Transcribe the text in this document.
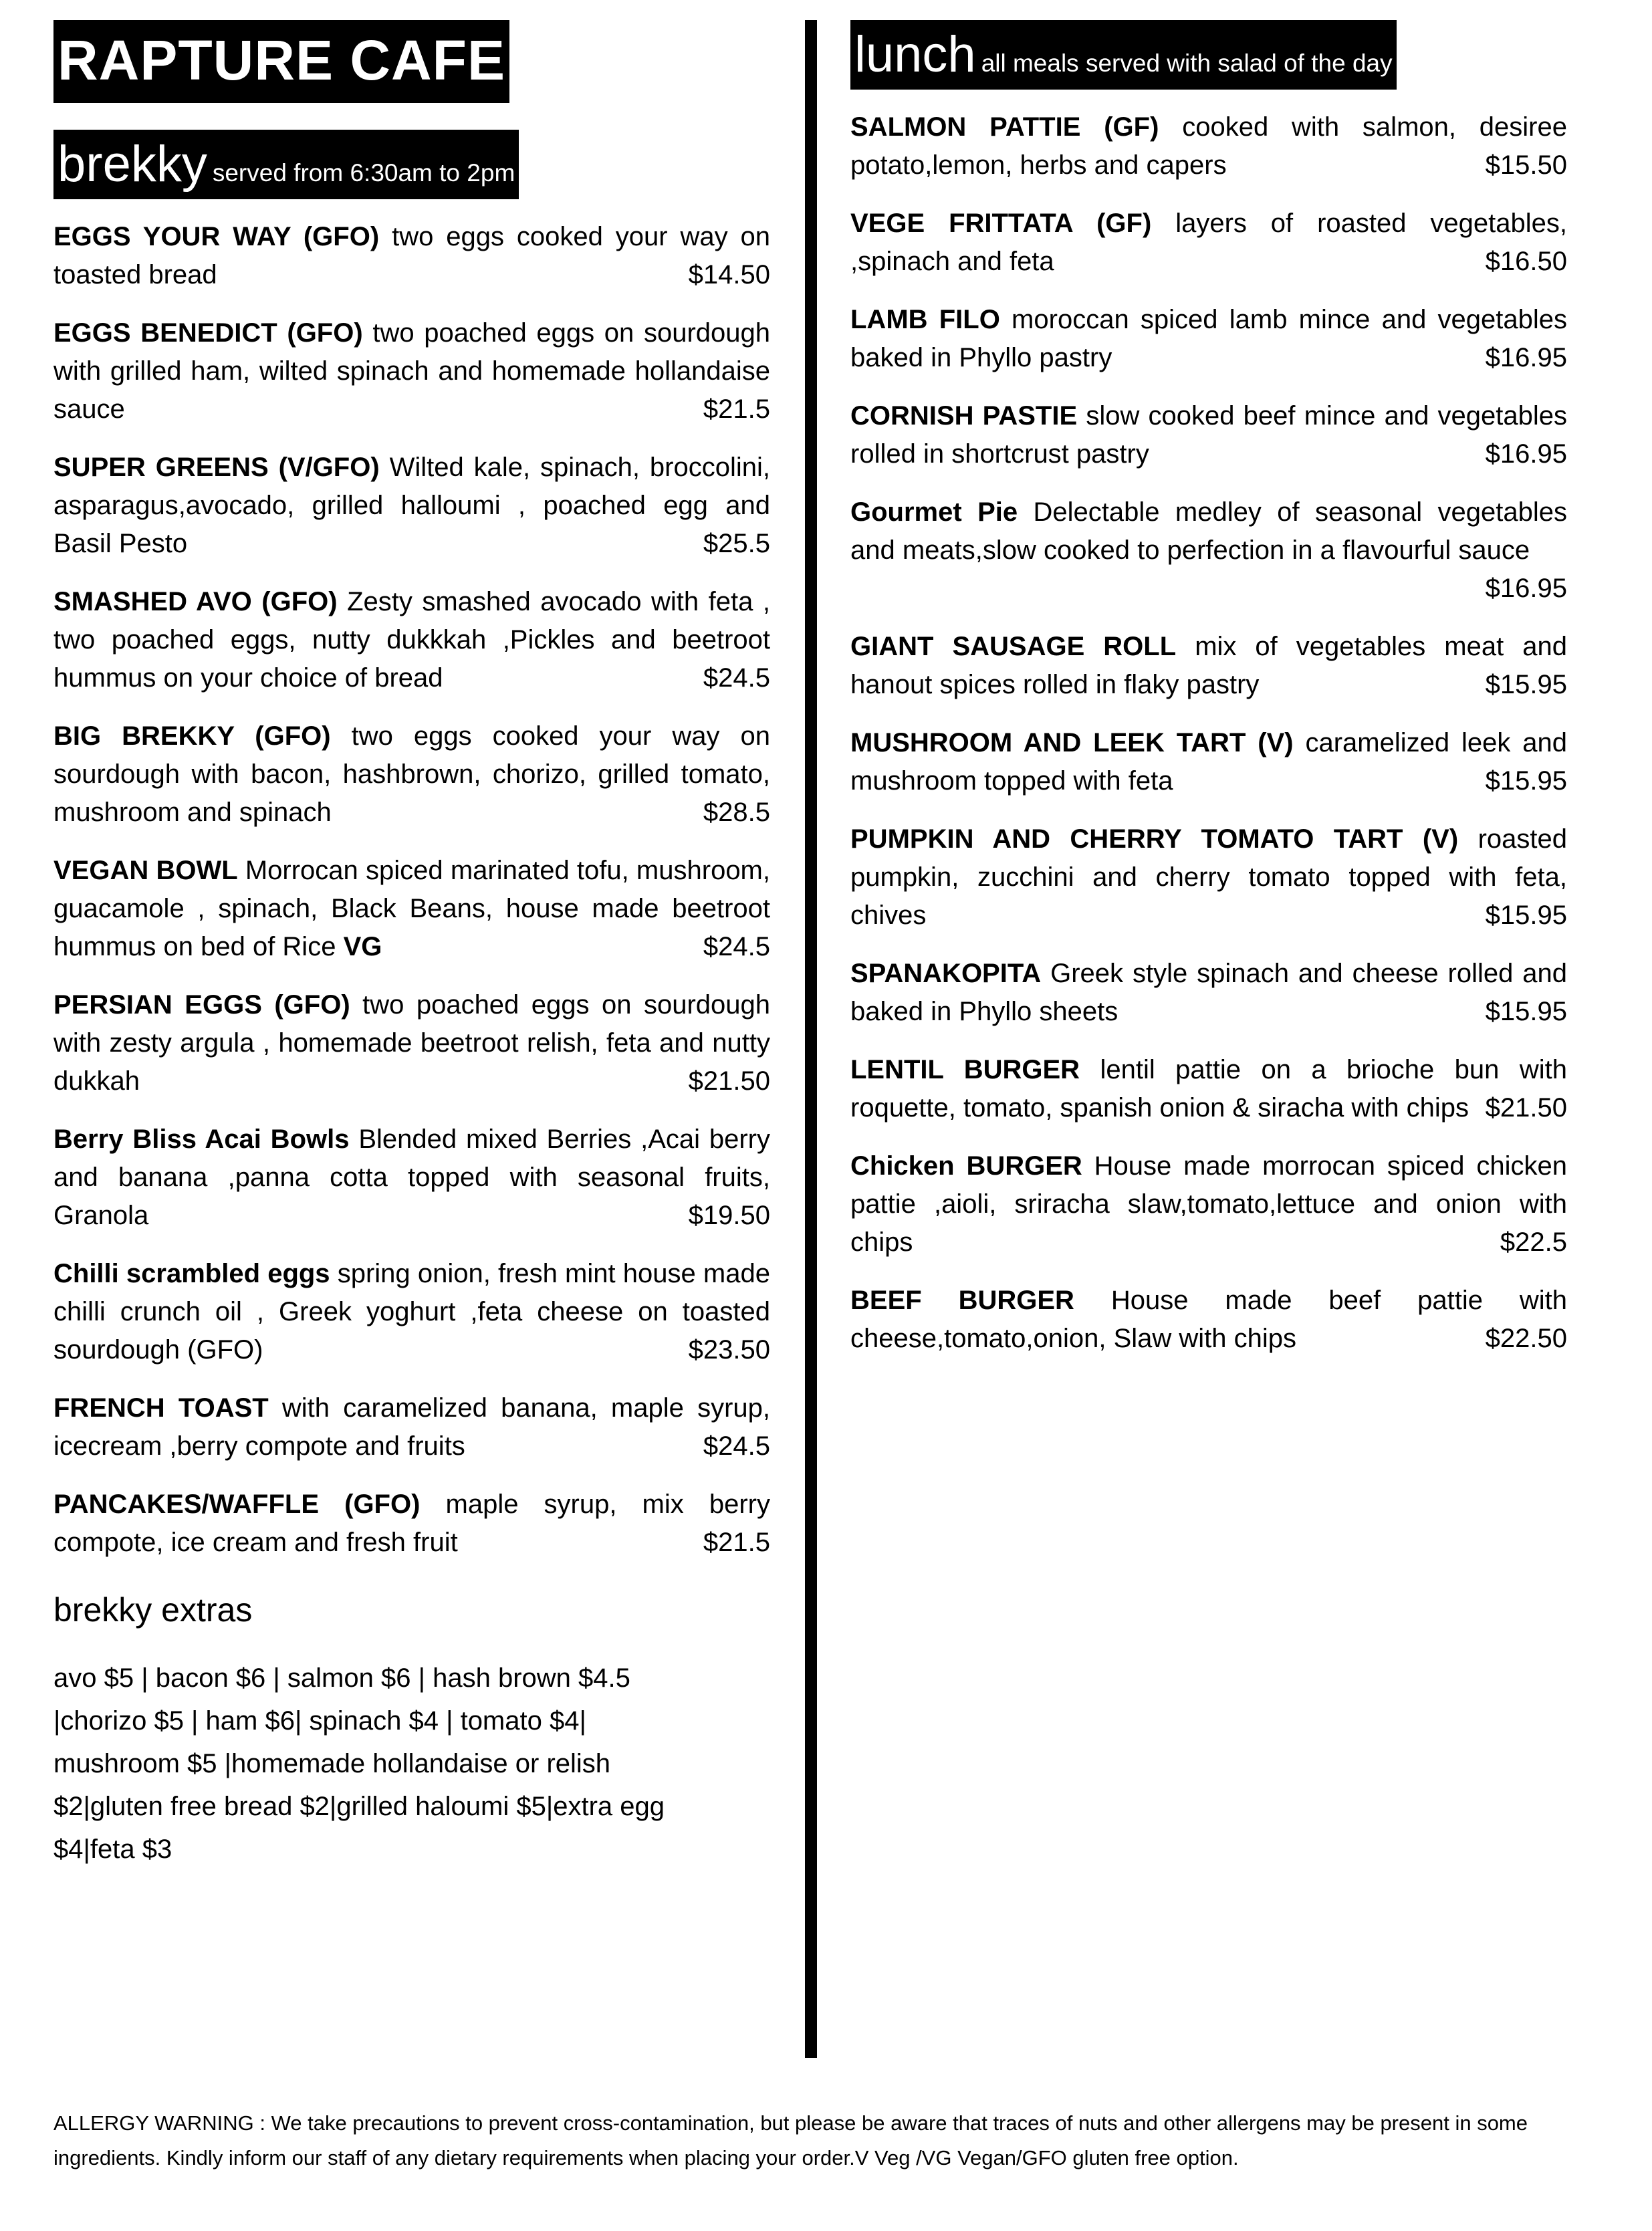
RAPTURE CAFE
brekky served from 6:30am to 2pm
EGGS YOUR WAY (GFO) two eggs cooked your way on toasted bread	$14.50
EGGS BENEDICT (GFO) two poached eggs on sourdough with grilled ham, wilted spinach and homemade hollandaise sauce	$21.5
SUPER GREENS (V/GFO) Wilted kale, spinach, broccolini, asparagus,avocado, grilled halloumi , poached egg and Basil Pesto	$25.5
SMASHED AVO (GFO) Zesty smashed avocado with feta , two poached eggs, nutty dukkkah ,Pickles and beetroot hummus on your choice of bread	$24.5
BIG BREKKY (GFO) two eggs cooked your way on sourdough with bacon, hashbrown, chorizo, grilled tomato, mushroom and spinach	$28.5
VEGAN BOWL Morrocan spiced marinated tofu, mushroom, guacamole , spinach, Black Beans, house made beetroot hummus on bed of Rice VG	$24.5
PERSIAN EGGS (GFO) two poached eggs on sourdough with zesty argula , homemade beetroot relish, feta and nutty dukkah	$21.50
Berry Bliss Acai Bowls Blended mixed Berries ,Acai berry and banana ,panna cotta topped with seasonal fruits, Granola	$19.50
Chilli scrambled eggs spring onion, fresh mint house made chilli crunch oil , Greek yoghurt ,feta cheese on toasted sourdough (GFO)	$23.50
FRENCH TOAST with caramelized banana, maple syrup, icecream ,berry compote and fruits	$24.5
PANCAKES/WAFFLE (GFO) maple syrup, mix berry compote, ice cream and fresh fruit	$21.5
brekky extras
avo $5 | bacon $6 | salmon $6 | hash brown $4.5
|chorizo $5 | ham $6| spinach $4 | tomato $4|
mushroom $5 |homemade hollandaise or relish
$2|gluten free bread $2|grilled haloumi $5|extra egg
$4|feta $3
lunch all meals served with salad of the day
SALMON PATTIE (GF) cooked with salmon, desiree potato,lemon, herbs and capers	$15.50
VEGE FRITTATA (GF) layers of roasted vegetables, ,spinach and feta	$16.50
LAMB FILO moroccan spiced lamb mince and vegetables baked in Phyllo pastry	$16.95
CORNISH PASTIE slow cooked beef mince and vegetables rolled in shortcrust pastry	$16.95
Gourmet Pie Delectable medley of seasonal vegetables and meats,slow cooked to perfection in a flavourful sauce
$16.95
GIANT SAUSAGE ROLL mix of vegetables meat and hanout spices rolled in flaky pastry	$15.95
MUSHROOM AND LEEK TART (V) caramelized leek and mushroom topped with feta	$15.95
PUMPKIN AND CHERRY TOMATO TART (V) roasted pumpkin, zucchini and cherry tomato topped with feta, chives	$15.95
SPANAKOPITA Greek style spinach and cheese rolled and baked in Phyllo sheets	$15.95
LENTIL BURGER lentil pattie on a brioche bun with roquette, tomato, spanish onion & siracha with chips $21.50
Chicken BURGER House made morrocan spiced chicken pattie ,aioli, sriracha slaw,tomato,lettuce and onion with chips	$22.5
BEEF BURGER House made beef pattie with cheese,tomato,onion, Slaw with chips	$22.50
ALLERGY WARNING : We take precautions to prevent cross-contamination, but please be aware that traces of nuts and other allergens may be present in some ingredients. Kindly inform our staff of any dietary requirements when placing your order.V Veg /VG Vegan/GFO gluten free option.
